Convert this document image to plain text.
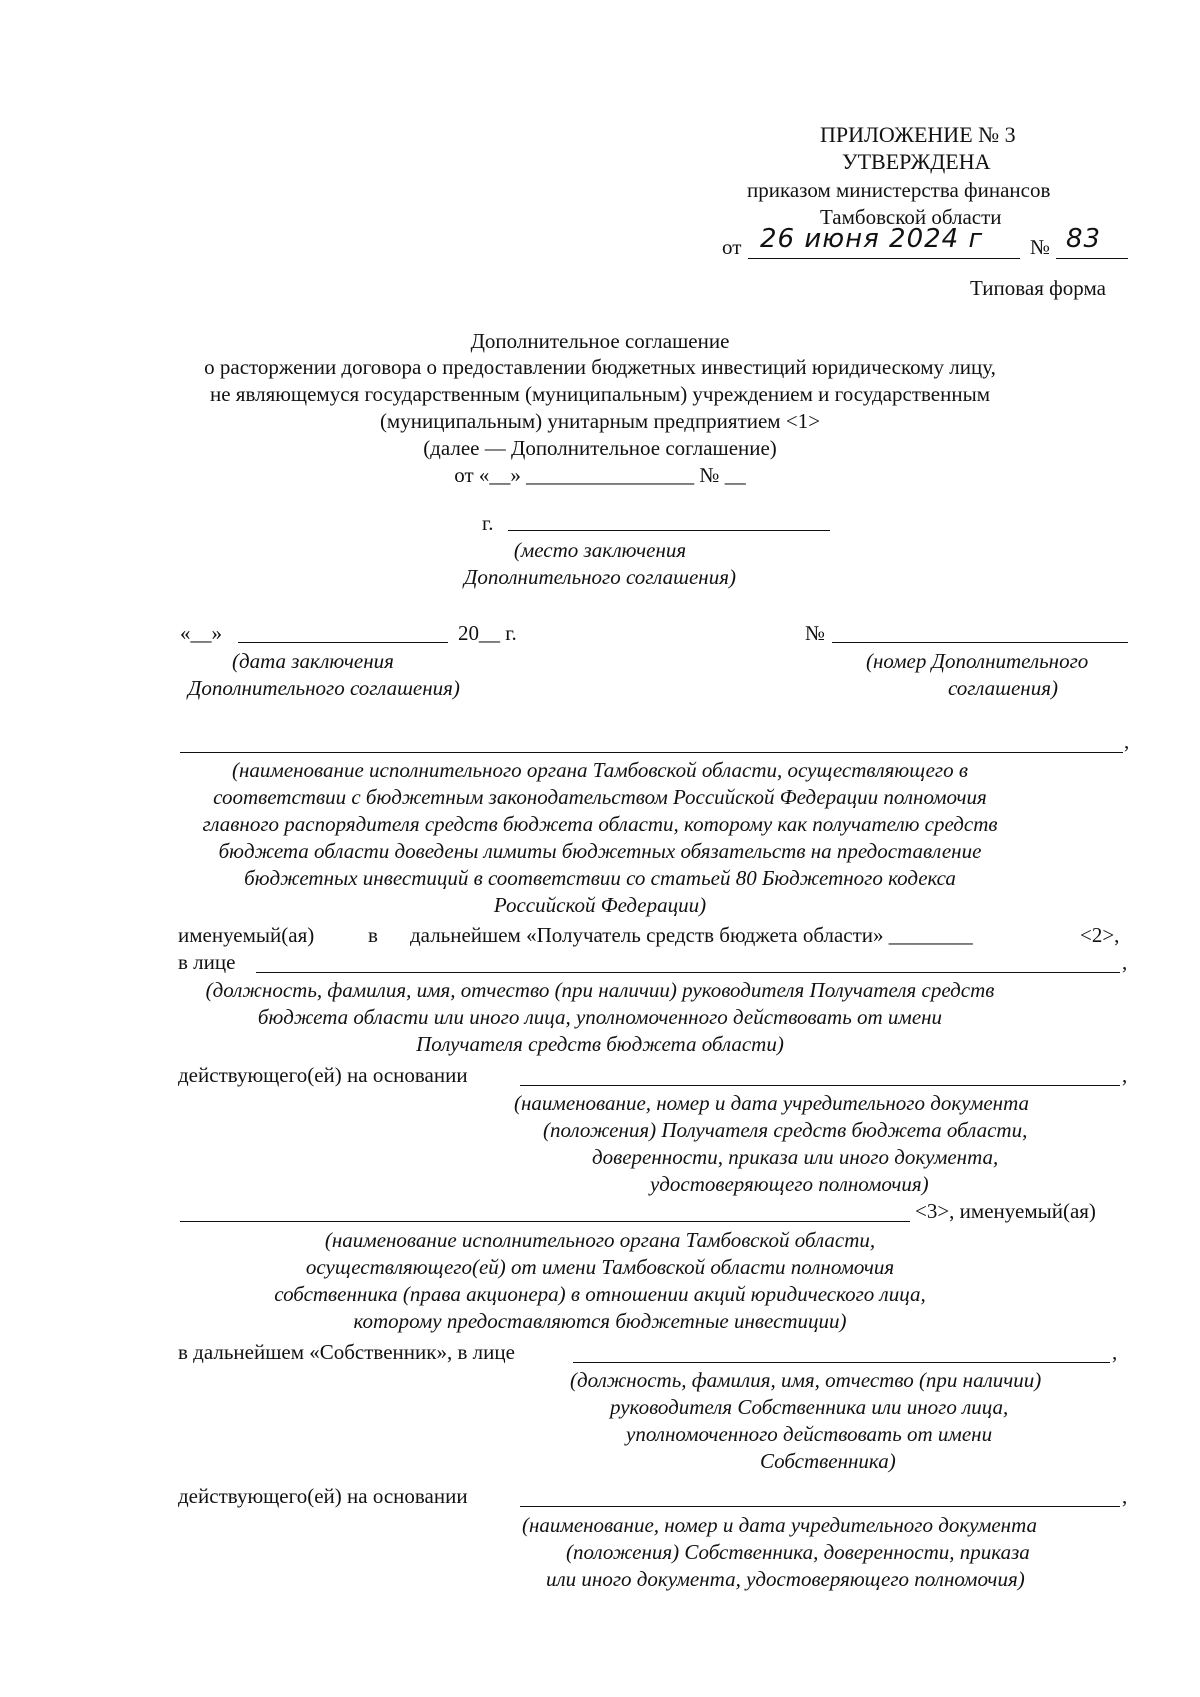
ПРИЛОЖЕНИЕ № 3
УТВЕРЖДЕНА
приказом министерства финансов
Тамбовской области
от 26 июня 2024 г № 83
Типовая форма
Дополнительное соглашение
о расторжении договора о предоставлении бюджетных инвестиций юридическому лицу,
не являющемуся государственным (муниципальным) учреждением и государственным
(муниципальным) унитарным предприятием <1>
(далее — Дополнительное соглашение)
от «__» ________________ № __
г.
(место заключения
Дополнительного соглашения)
«__»	20__ г.	№
(дата заключения
Дополнительного соглашения)
(номер Дополнительного
соглашения)
,
(наименование исполнительного органа Тамбовской области, осуществляющего в
соответствии с бюджетным законодательством Российской Федерации полномочия
главного распорядителя средств бюджета области, которому как получателю средств
бюджета области доведены лимиты бюджетных обязательств на предоставление
бюджетных инвестиций в соответствии со статьей 80 Бюджетного кодекса
Российской Федерации)
именуемый(ая)	в дальнейшем «Получатель средств бюджета области» ________	<2>,
в лице	,
(должность, фамилия, имя, отчество (при наличии) руководителя Получателя средств
бюджета области или иного лица, уполномоченного действовать от имени
Получателя средств бюджета области)
действующего(ей) на основании	,
(наименование, номер и дата учредительного документа
(положения) Получателя средств бюджета области,
доверенности, приказа или иного документа,
удостоверяющего полномочия)
<3>, именуемый(ая)
(наименование исполнительного органа Тамбовской области,
осуществляющего(ей) от имени Тамбовской области полномочия
собственника (права акционера) в отношении акций юридического лица,
которому предоставляются бюджетные инвестиции)
в дальнейшем «Собственник», в лице	,
(должность, фамилия, имя, отчество (при наличии)
руководителя Собственника или иного лица,
уполномоченного действовать от имени
Собственника)
действующего(ей) на основании	,
(наименование, номер и дата учредительного документа
(положения) Собственника, доверенности, приказа
или иного документа, удостоверяющего полномочия)
